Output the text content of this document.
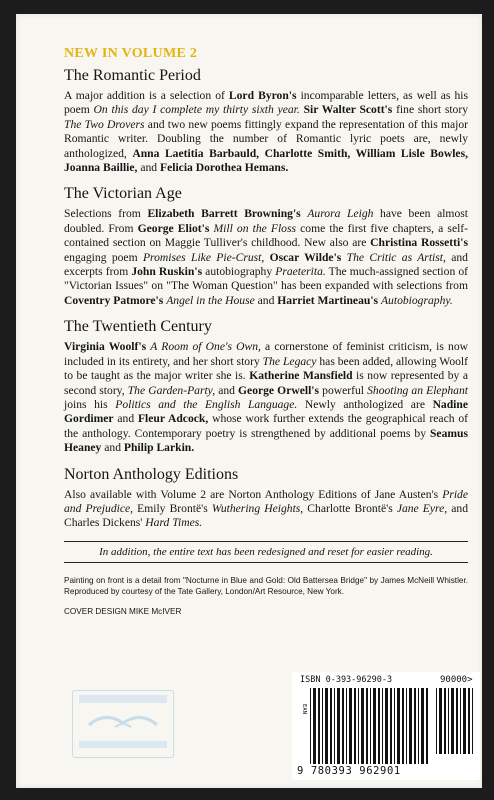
NEW IN VOLUME 2
The Romantic Period

A major addition is a selection of Lord Byron's incomparable letters, as well as his poem On this day I complete my thirty sixth year. Sir Walter Scott's fine short story The Two Drovers and two new poems fittingly expand the representation of this major Romantic writer. Doubling the number of Romantic lyric poets are, newly anthologized, Anna Laetitia Barbauld, Charlotte Smith, William Lisle Bowles, Joanna Baillie, and Felicia Dorothea Hemans.

The Victorian Age

Selections from Elizabeth Barrett Browning's Aurora Leigh have been almost doubled. From George Eliot's Mill on the Floss come the first five chapters, a self-contained section on Maggie Tulliver's childhood. New also are Christina Rossetti's engaging poem Promises Like Pie-Crust, Oscar Wilde's The Critic as Artist, and excerpts from John Ruskin's autobiography Praeterita. The much-assigned section of "Victorian Issues" on "The Woman Question" has been expanded with selections from Coventry Patmore's Angel in the House and Harriet Martineau's Autobiography.

The Twentieth Century

Virginia Woolf's A Room of One's Own, a cornerstone of feminist criticism, is now included in its entirety, and her short story The Legacy has been added, allowing Woolf to be taught as the major writer she is. Katherine Mansfield is now represented by a second story, The Garden-Party, and George Orwell's powerful Shooting an Elephant joins his Politics and the English Language. Newly anthologized are Nadine Gordimer and Fleur Adcock, whose work further extends the geographical reach of the anthology. Contemporary poetry is strengthened by additional poems by Seamus Heaney and Philip Larkin.

Norton Anthology Editions

Also available with Volume 2 are Norton Anthology Editions of Jane Austen's Pride and Prejudice, Emily Brontë's Wuthering Heights, Charlotte Brontë's Jane Eyre, and Charles Dickens' Hard Times.

In addition, the entire text has been redesigned and reset for easier reading.

Painting on front is a detail from "Nocturne in Blue and Gold: Old Battersea Bridge" by James McNeill Whistler. Reproduced by courtesy of the Tate Gallery, London/Art Resource, New York.

COVER DESIGN MIKE McIVER

ISBN 0-393-96290-3	90000>
EAN
9 780393 962901
